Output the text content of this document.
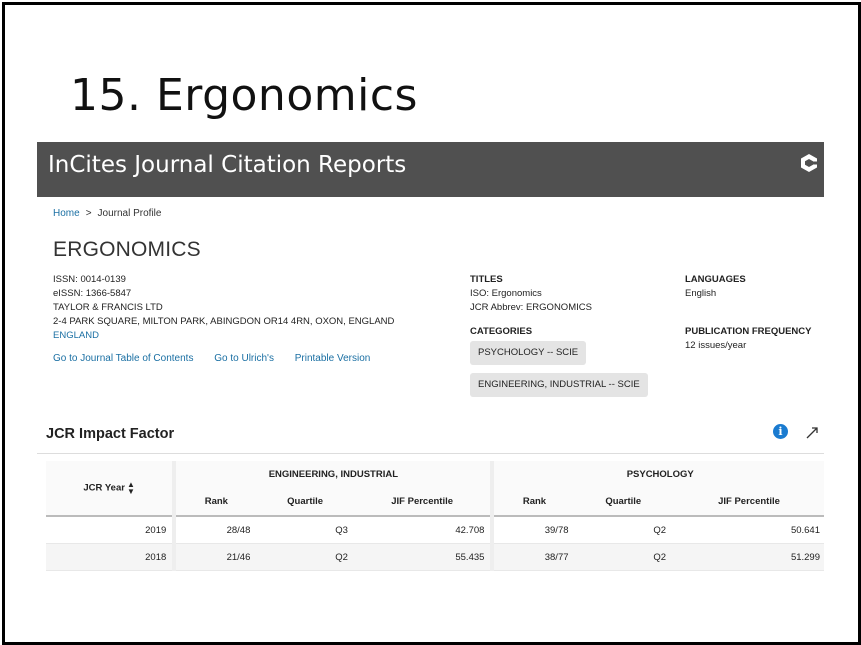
15. Ergonomics
InCites Journal Citation Reports
Home > Journal Profile
ERGONOMICS
ISSN: 0014-0139
eISSN: 1366-5847
TAYLOR & FRANCIS LTD
2-4 PARK SQUARE, MILTON PARK, ABINGDON OR14 4RN, OXON, ENGLAND
ENGLAND
Go to Journal Table of Contents Go to Ulrich's Printable Version
TITLES
ISO: Ergonomics
JCR Abbrev: ERGONOMICS
CATEGORIES
PSYCHOLOGY -- SCIE
ENGINEERING, INDUSTRIAL -- SCIE
LANGUAGES
English
PUBLICATION FREQUENCY
12 issues/year
JCR Impact Factor	i
JCR Year ▲
▼	ENGINEERING, INDUSTRIAL			PSYCHOLOGY		
	Rank	Quartile	JIF Percentile	Rank	Quartile	JIF Percentile
2019	28/48	Q3	42.708	39/78	Q2	50.641
2018	21/46	Q2	55.435	38/77	Q2	51.299
